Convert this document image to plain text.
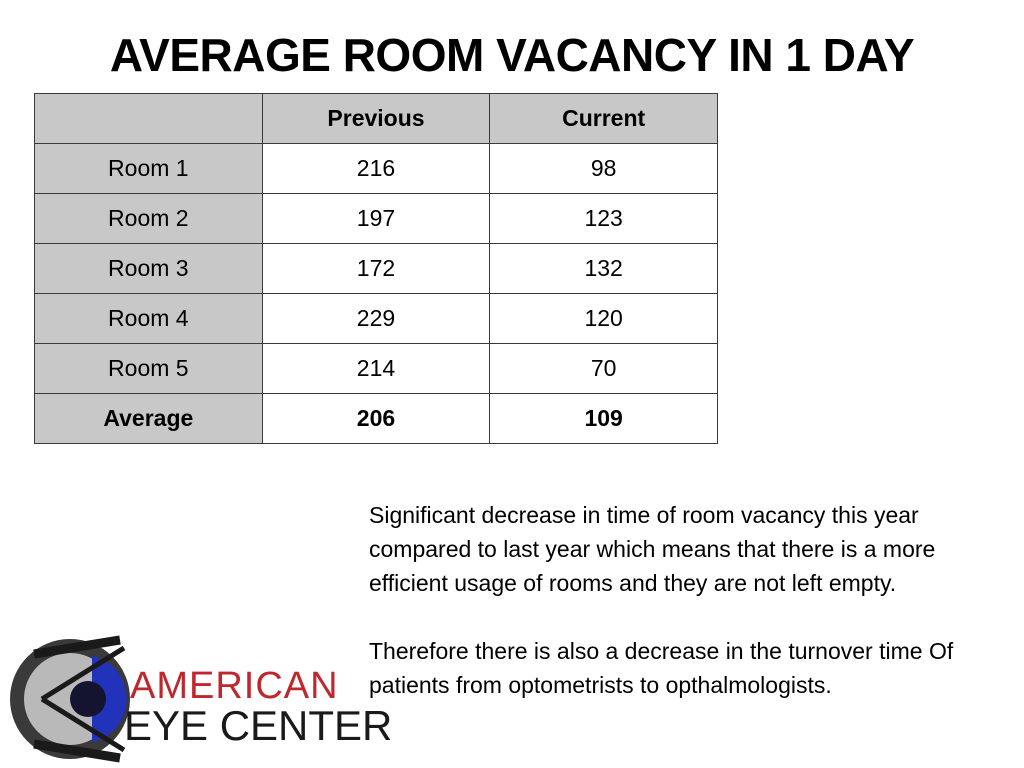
AVERAGE ROOM VACANCY IN 1 DAY
	Previous	Current
Room 1	216	98
Room 2	197	123
Room 3	172	132
Room 4	229	120
Room 5	214	70
Average	206	109

Significant decrease in time of room vacancy this year compared to last year which means that there is a more efficient usage of rooms and they are not left empty.

Therefore there is also a decrease in the turnover time Of patients from optometrists to opthalmologists.

AMERICAN
EYE CENTER
